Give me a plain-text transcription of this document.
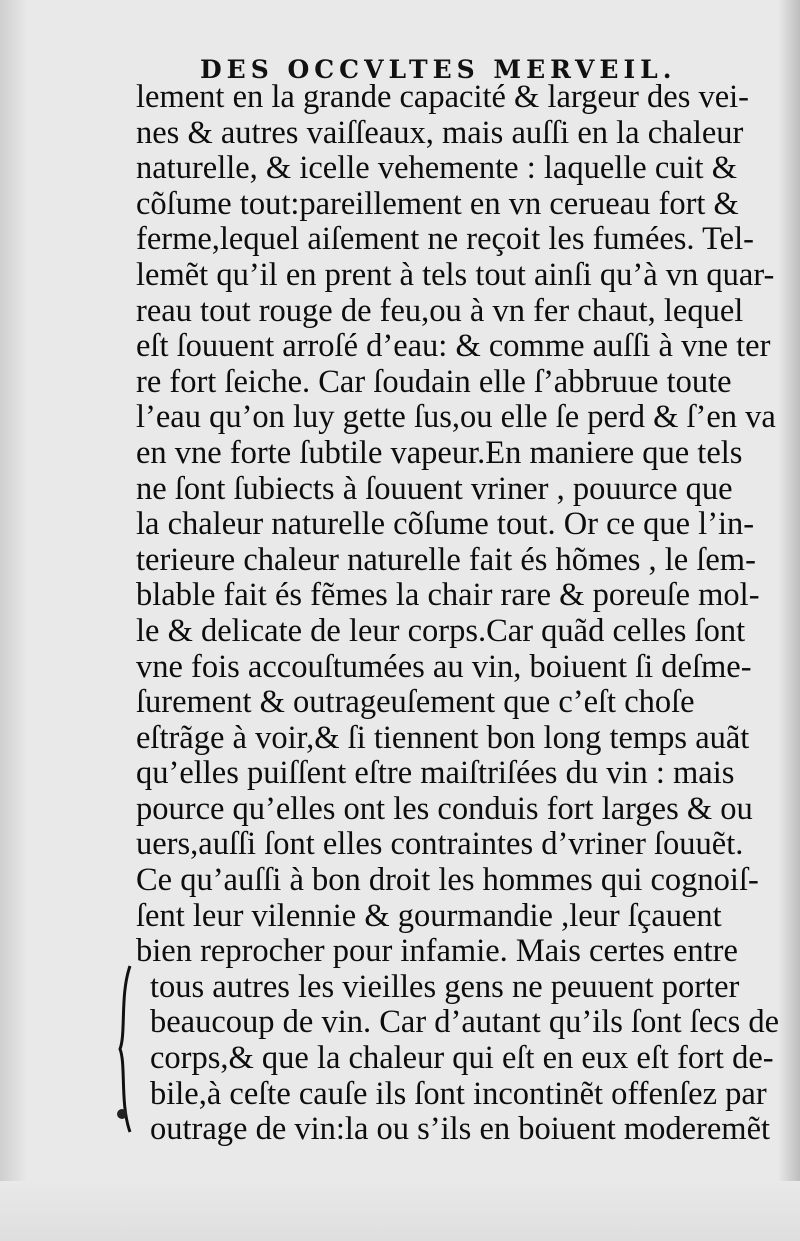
DES OCCVLTES MERVEIL.
lement en la grande capacité & largeur des vei-
nes & autres vaiſſeaux, mais auſſi en la chaleur
naturelle, & icelle vehemente : laquelle cuit &
cõſume tout:pareillement en vn cerueau fort &
ferme,lequel aiſement ne reçoit les fumées. Tel-
lemẽt qu’il en prent à tels tout ainſi qu’à vn quar-
reau tout rouge de feu,ou à vn fer chaut, lequel
eſt ſouuent arroſé d’eau: & comme auſſi à vne ter
re fort ſeiche. Car ſoudain elle ſ’abbruue toute
l’eau qu’on luy gette ſus,ou elle ſe perd & ſ’en va
en vne forte ſubtile vapeur.En maniere que tels
ne ſont ſubiects à ſouuent vriner , pouurce que
la chaleur naturelle cõſume tout. Or ce que l’in-
terieure chaleur naturelle fait és hõmes , le ſem-
blable fait és fẽmes la chair rare & poreuſe mol-
le & delicate de leur corps.Car quãd celles ſont
vne fois accouſtumées au vin, boiuent ſi deſme-
ſurement & outrageuſement que c’eſt choſe
eſtrãge à voir,& ſi tiennent bon long temps auãt
qu’elles puiſſent eſtre maiſtriſées du vin : mais
pource qu’elles ont les conduis fort larges & ou
uers,auſſi ſont elles contraintes d’vriner ſouuẽt.
Ce qu’auſſi à bon droit les hommes qui cognoiſ-
ſent leur vilennie & gourmandie ,leur ſçauent
bien reprocher pour infamie. Mais certes entre
tous autres les vieilles gens ne peuuent porter
beaucoup de vin. Car d’autant qu’ils ſont ſecs de
corps,& que la chaleur qui eſt en eux eſt fort de-
bile,à ceſte cauſe ils ſont incontinẽt offenſez par
outrage de vin:la ou s’ils en boiuent moderemẽt
